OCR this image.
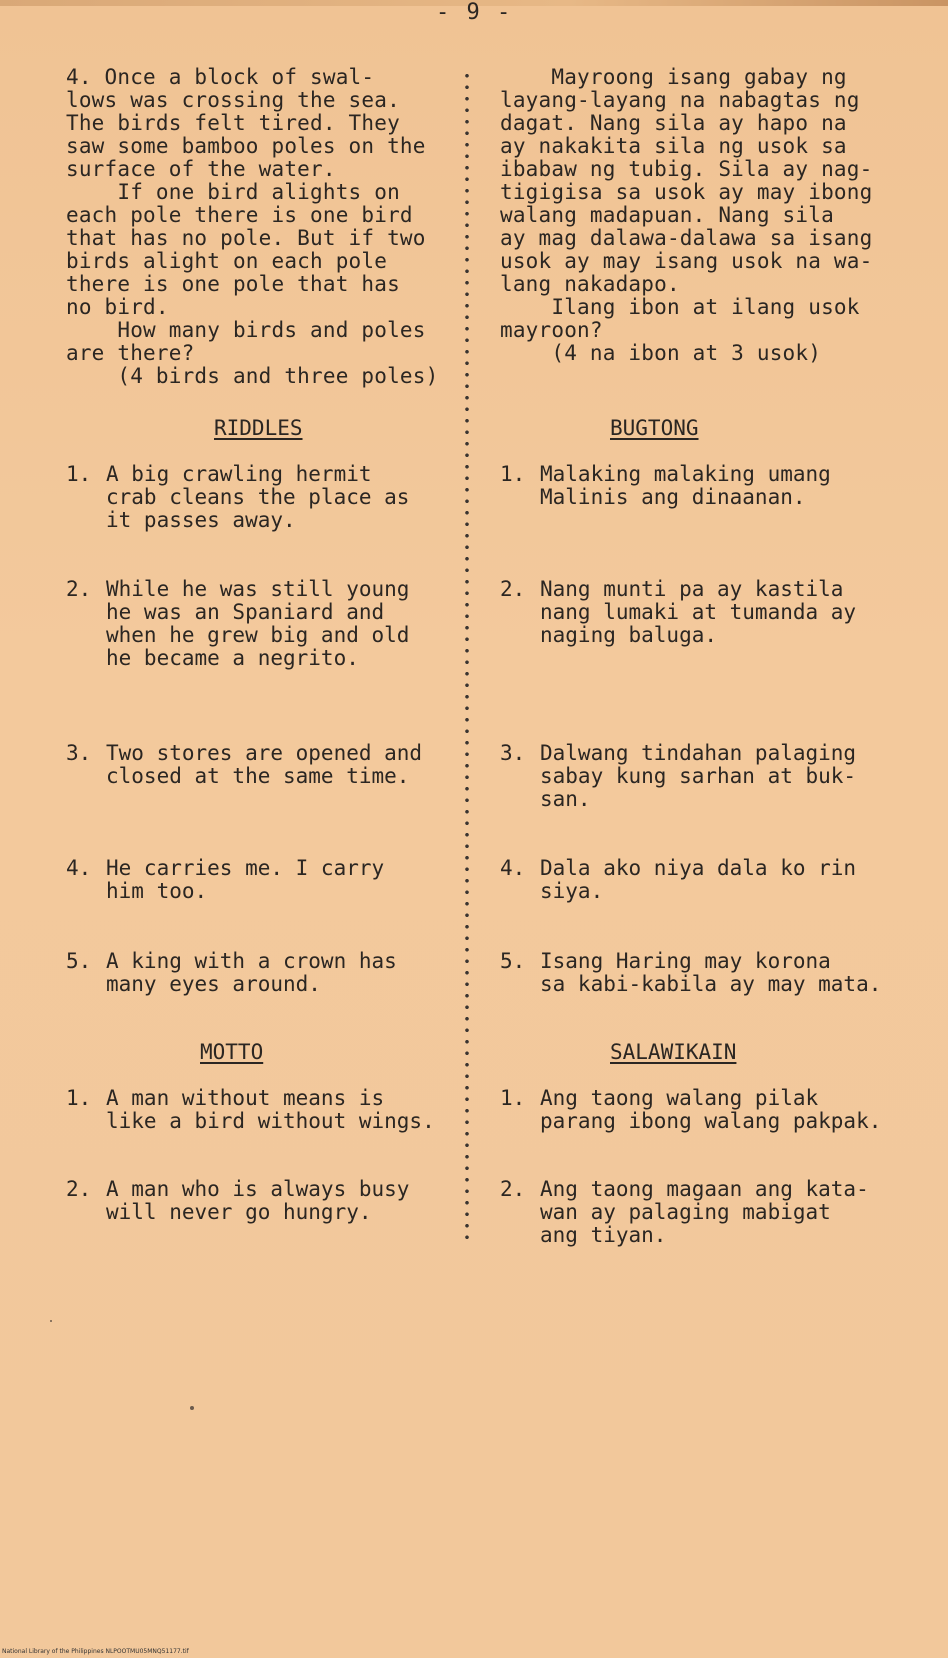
- 9 -
4. Once a block of swal-
lows was crossing the sea.
The birds felt tired. They
saw some bamboo poles on the
surface of the water.
If one bird alights on
each pole there is one bird
that has no pole. But if two
birds alight on each pole
there is one pole that has
no bird.
How many birds and poles
are there?
(4 birds and three poles)
Mayroong isang gabay ng
layang-layang na nabagtas ng
dagat. Nang sila ay hapo na
ay nakakita sila ng usok sa
ibabaw ng tubig. Sila ay nag-
tigigisa sa usok ay may ibong
walang madapuan. Nang sila
ay mag dalawa-dalawa sa isang
usok ay may isang usok na wa-
lang nakadapo.
Ilang ibon at ilang usok
mayroon?
(4 na ibon at 3 usok)
RIDDLES	BUGTONG

1.

A big crawling hermit
crab cleans the place as
it passes away.

1.

Malaking malaking umang
Malinis ang dinaanan.

2.

While he was still young
he was an Spaniard and
when he grew big and old
he became a negrito.

2.

Nang munti pa ay kastila
nang lumaki at tumanda ay
naging baluga.

3.

Two stores are opened and
closed at the same time.

3.

Dalwang tindahan palaging
sabay kung sarhan at buk-
san.

4.

He carries me. I carry
him too.

4.

Dala ako niya dala ko rin
siya.

5.

A king with a crown has
many eyes around.

5.

Isang Haring may korona
sa kabi-kabila ay may mata.

MOTTO	SALAWIKAIN

1.

A man without means is
like a bird without wings.

1.

Ang taong walang pilak
parang ibong walang pakpak.

2.

A man who is always busy
will never go hungry.

2.

Ang taong magaan ang kata-
wan ay palaging mabigat
ang tiyan.

National Library of the Philippines NLPOOTMU05MNQ51177.tif
